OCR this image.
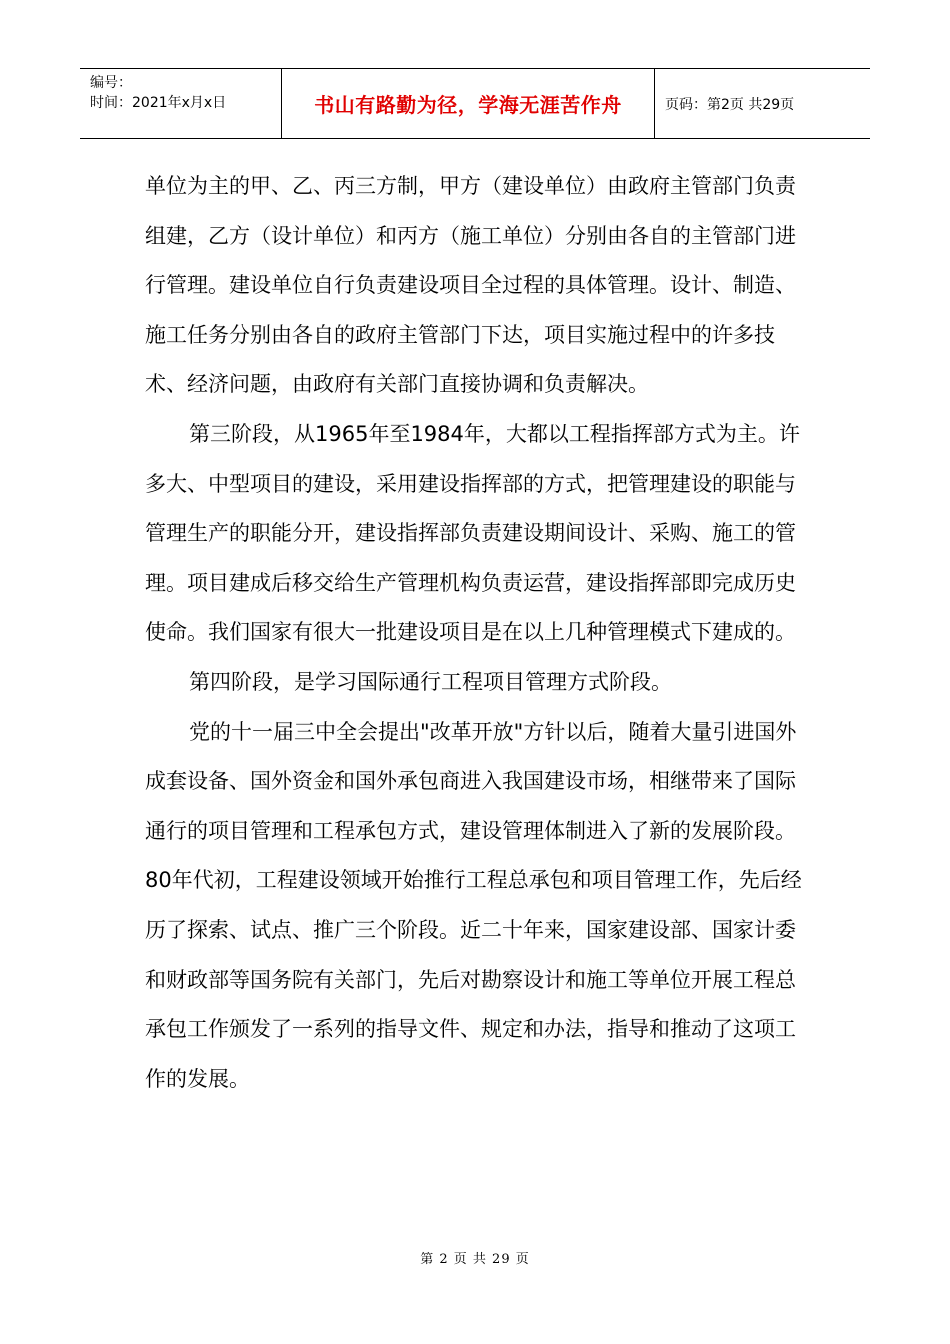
编号：
时间：2021年x月x日	书山有路勤为径，学海无涯苦作舟	页码：第2页 共29页

单位为主的甲、乙、丙三方制，甲方（建设单位）由政府主管部门负责组建，乙方（设计单位）和丙方（施工单位）分别由各自的主管部门进行管理。建设单位自行负责建设项目全过程的具体管理。设计、制造、施工任务分别由各自的政府主管部门下达，项目实施过程中的许多技术、经济问题，由政府有关部门直接协调和负责解决。

第三阶段，从1965年至1984年，大都以工程指挥部方式为主。许多大、中型项目的建设，采用建设指挥部的方式，把管理建设的职能与管理生产的职能分开，建设指挥部负责建设期间设计、采购、施工的管理。项目建成后移交给生产管理机构负责运营，建设指挥部即完成历史使命。我们国家有很大一批建设项目是在以上几种管理模式下建成的。

第四阶段，是学习国际通行工程项目管理方式阶段。

党的十一届三中全会提出"改革开放"方针以后，随着大量引进国外成套设备、国外资金和国外承包商进入我国建设市场，相继带来了国际通行的项目管理和工程承包方式，建设管理体制进入了新的发展阶段。80年代初，工程建设领域开始推行工程总承包和项目管理工作，先后经历了探索、试点、推广三个阶段。近二十年来，国家建设部、国家计委和财政部等国务院有关部门，先后对勘察设计和施工等单位开展工程总承包工作颁发了一系列的指导文件、规定和办法，指导和推动了这项工作的发展。

第 2 页 共 29 页
